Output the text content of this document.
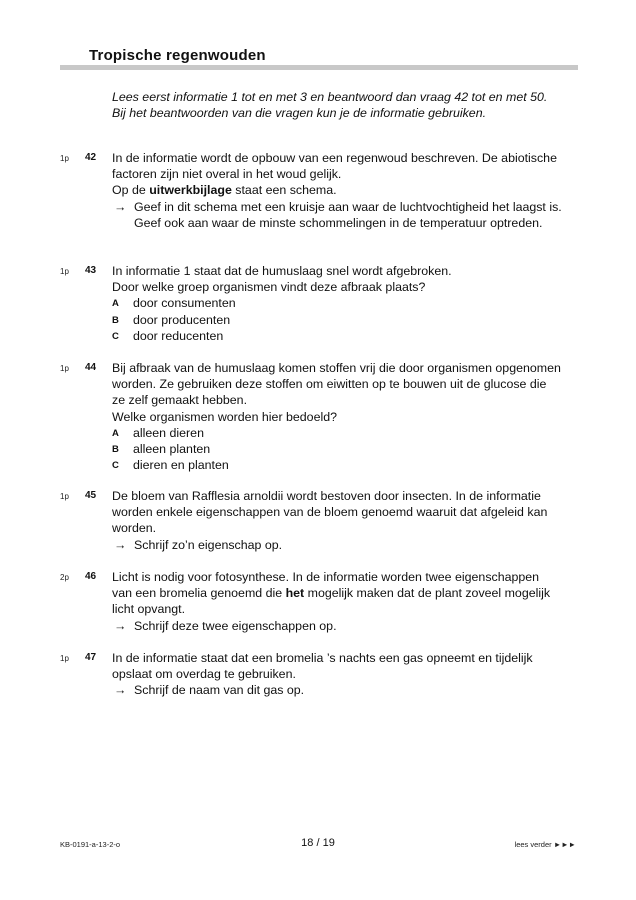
Tropische regenwouden
Lees eerst informatie 1 tot en met 3 en beantwoord dan vraag 42 tot en met 50.
Bij het beantwoorden van die vragen kun je de informatie gebruiken.
1p 42 In de informatie wordt de opbouw van een regenwoud beschreven. De abiotische factoren zijn niet overal in het woud gelijk.

Op de uitwerkbijlage staat een schema.

→ Geef in dit schema met een kruisje aan waar de luchtvochtigheid het laagst is. Geef ook aan waar de minste schommelingen in de temperatuur optreden.

1p 43 In informatie 1 staat dat de humuslaag snel wordt afgebroken.

Door welke groep organismen vindt deze afbraak plaats?

A door consumenten

B door producenten

C door reducenten

1p 44 Bij afbraak van de humuslaag komen stoffen vrij die door organismen opgenomen worden. Ze gebruiken deze stoffen om eiwitten op te bouwen uit de glucose die ze zelf gemaakt hebben.

Welke organismen worden hier bedoeld?

A alleen dieren

B alleen planten

C dieren en planten

1p 45 De bloem van Rafflesia arnoldii wordt bestoven door insecten. In de informatie worden enkele eigenschappen van de bloem genoemd waaruit dat afgeleid kan worden.

→ Schrijf zo’n eigenschap op.

2p 46 Licht is nodig voor fotosynthese. In de informatie worden twee eigenschappen van een bromelia genoemd die het mogelijk maken dat de plant zoveel mogelijk licht opvangt.

→ Schrijf deze twee eigenschappen op.

1p 47 In de informatie staat dat een bromelia ’s nachts een gas opneemt en tijdelijk opslaat om overdag te gebruiken.

→ Schrijf de naam van dit gas op.

KB-0191-a-13-2-o	18 / 19	lees verder ►►►
